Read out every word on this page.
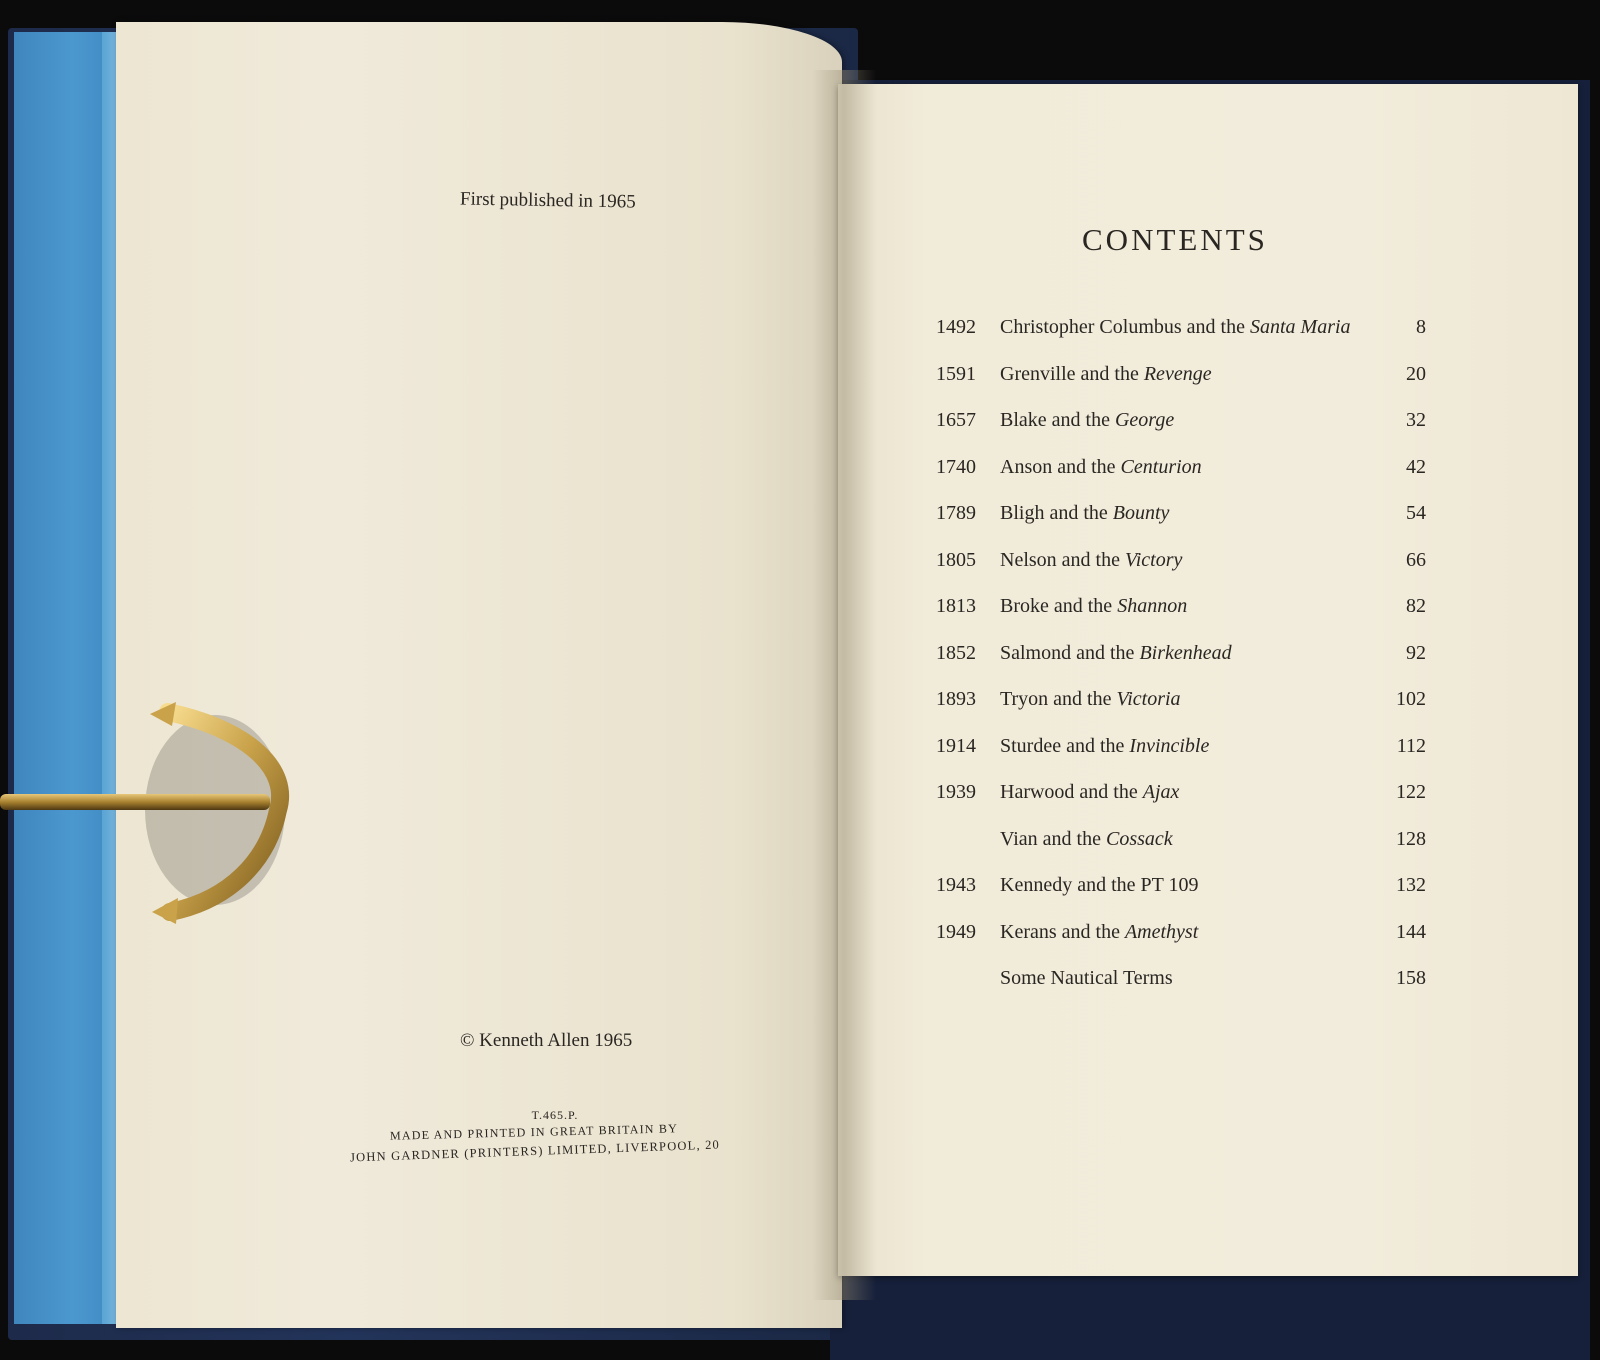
First published in 1965
© Kenneth Allen 1965
T.465.P.
MADE AND PRINTED IN GREAT BRITAIN BY
JOHN GARDNER (PRINTERS) LIMITED, LIVERPOOL, 20
CONTENTS
1492 Christopher Columbus and the Santa Maria	8
1591 Grenville and the Revenge	20
1657 Blake and the George	32
1740 Anson and the Centurion	42
1789 Bligh and the Bounty	54
1805 Nelson and the Victory	66
1813 Broke and the Shannon	82
1852 Salmond and the Birkenhead	92
1893 Tryon and the Victoria	102
1914 Sturdee and the Invincible	112
1939 Harwood and the Ajax	122
Vian and the Cossack	128
1943 Kennedy and the PT 109	132
1949 Kerans and the Amethyst	144
Some Nautical Terms	158
